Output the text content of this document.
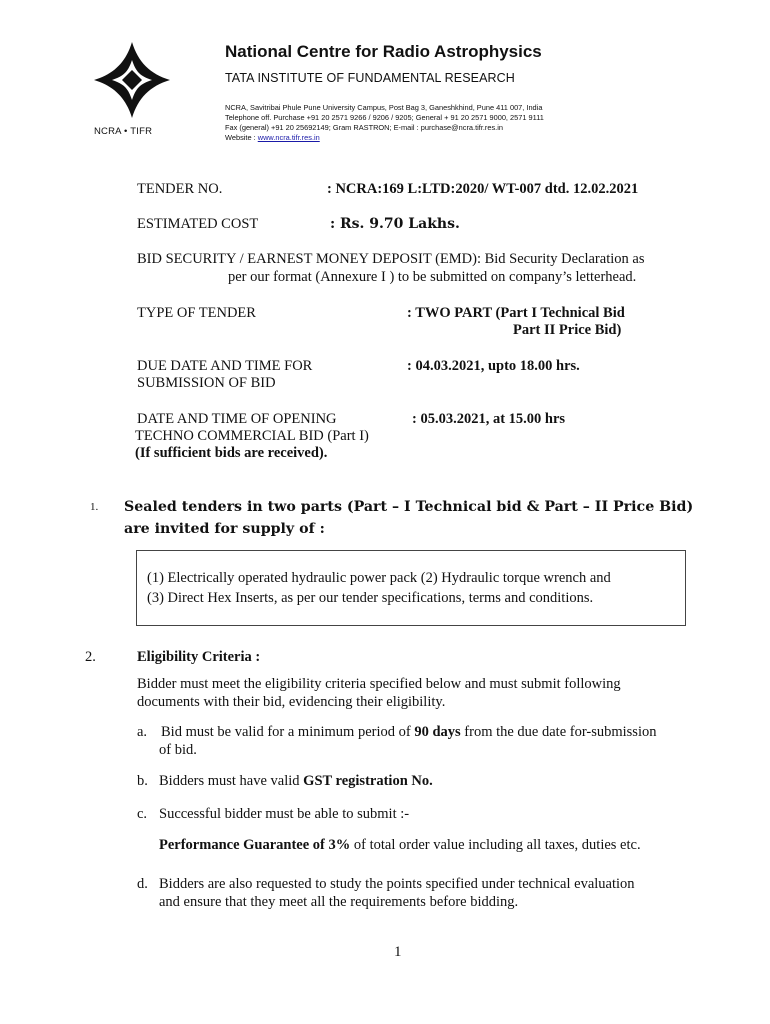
NCRA • TIFR
National Centre for Radio Astrophysics
TATA INSTITUTE OF FUNDAMENTAL RESEARCH
NCRA, Savitribai Phule Pune University Campus, Post Bag 3, Ganeshkhind, Pune 411 007, India
Telephone off. Purchase +91 20 2571 9266 / 9206 / 9205; General + 91 20 2571 9000, 2571 9111
Fax (general) +91 20 25692149; Gram RASTRON; E-mail : purchase@ncra.tifr.res.in
Website : www.ncra.tifr.res.in
TENDER NO.	: NCRA:169 L:LTD:2020/ WT-007 dtd. 12.02.2021
ESTIMATED COST	: Rs. 9.70 Lakhs.
BID SECURITY / EARNEST MONEY DEPOSIT (EMD): Bid Security Declaration as
per our format (Annexure I ) to be submitted on company’s letterhead.
TYPE OF TENDER	: TWO PART (Part I Technical Bid
Part II Price Bid)
DUE DATE AND TIME FOR
SUBMISSION OF BID
: 04.03.2021, upto 18.00 hrs.
DATE AND TIME OF OPENING
TECHNO COMMERCIAL BID (Part I)
(If sufficient bids are received).
: 05.03.2021, at 15.00 hrs
1. Sealed tenders in two parts (Part – I Technical bid & Part – II Price Bid)
are invited for supply of :
(1) Electrically operated hydraulic power pack (2) Hydraulic torque wrench and
(3) Direct Hex Inserts, as per our tender specifications, terms and conditions.
2.	Eligibility Criteria :
Bidder must meet the eligibility criteria specified below and must submit following
documents with their bid, evidencing their eligibility.
a. Bid must be valid for a minimum period of 90 days from the due date for-submission
of bid.
b. Bidders must have valid GST registration No.
c. Successful bidder must be able to submit :-
Performance Guarantee of 3% of total order value including all taxes, duties etc.
d. Bidders are also requested to study the points specified under technical evaluation
and ensure that they meet all the requirements before bidding.
1
